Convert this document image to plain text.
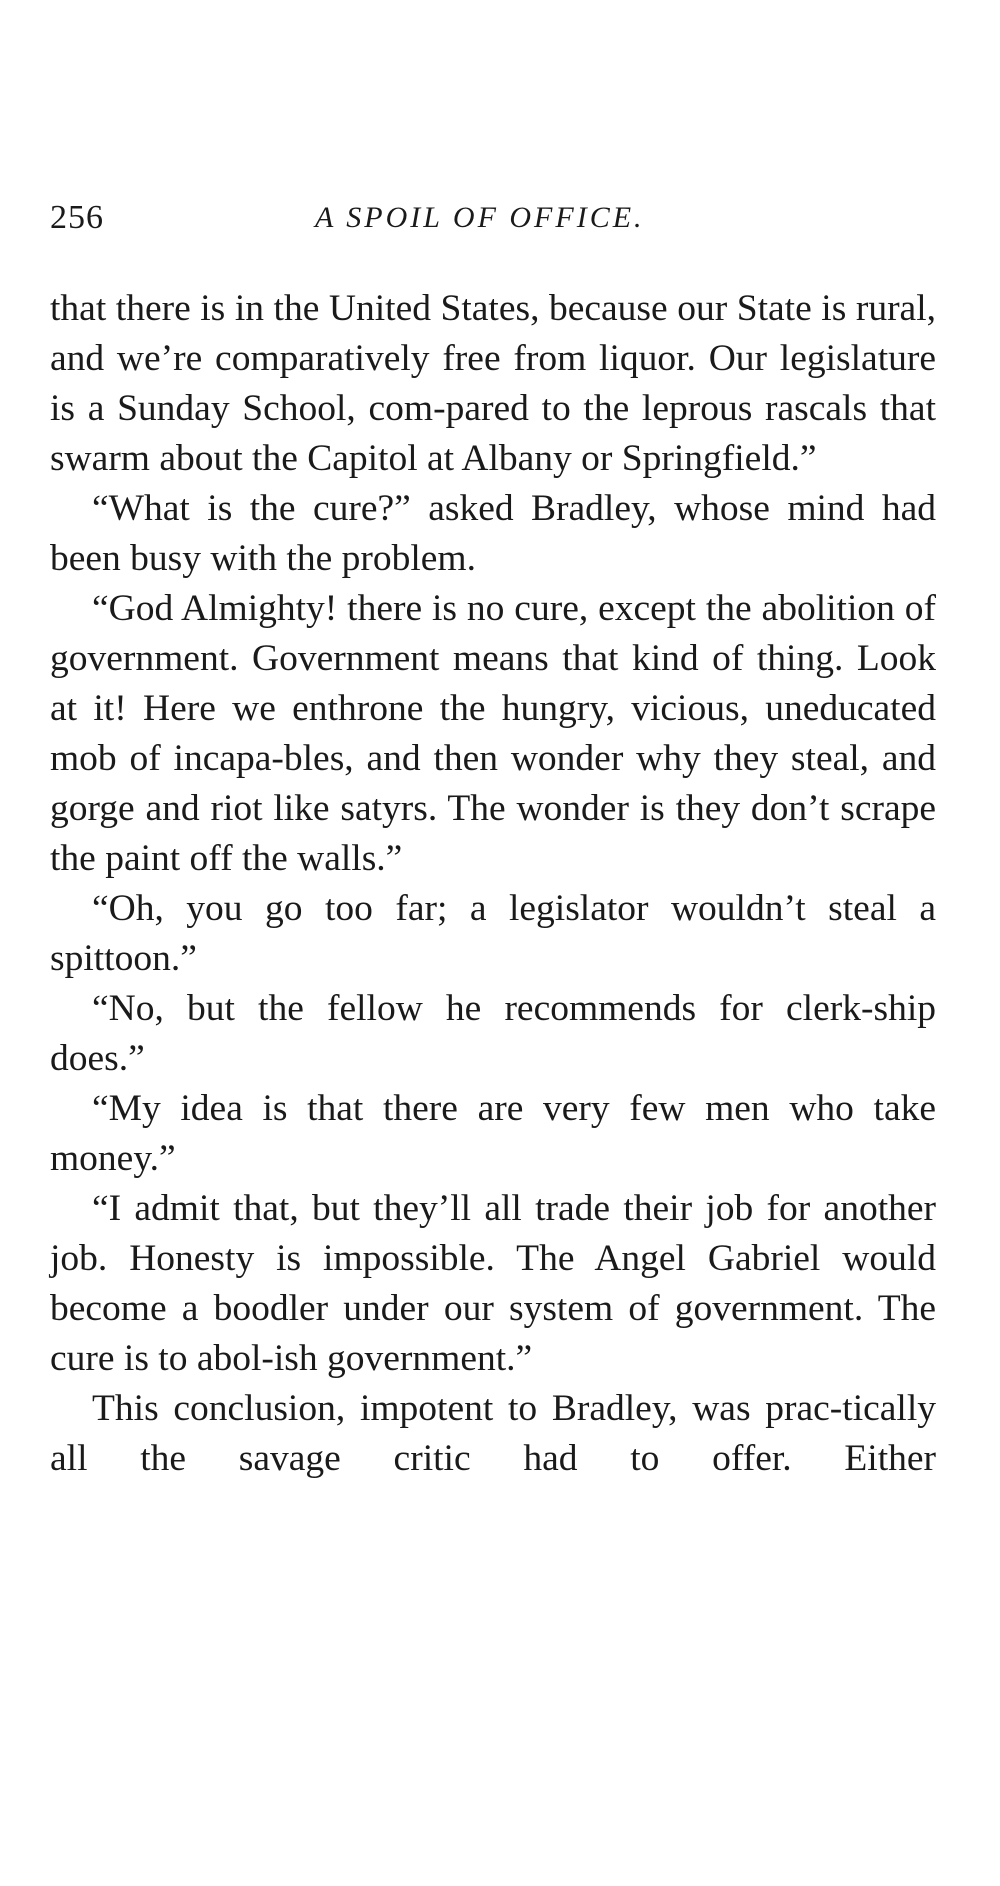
256	A SPOIL OF OFFICE.

that there is in the United States, because our State is rural, and we’re comparatively free from liquor. Our legislature is a Sunday School, com-pared to the leprous rascals that swarm about the Capitol at Albany or Springfield.”

“What is the cure?” asked Bradley, whose mind had been busy with the problem.

“God Almighty! there is no cure, except the abolition of government. Government means that kind of thing. Look at it! Here we enthrone the hungry, vicious, uneducated mob of incapa-bles, and then wonder why they steal, and gorge and riot like satyrs. The wonder is they don’t scrape the paint off the walls.”

“Oh, you go too far; a legislator wouldn’t steal a spittoon.”

“No, but the fellow he recommends for clerk-ship does.”

“My idea is that there are very few men who take money.”

“I admit that, but they’ll all trade their job for another job. Honesty is impossible. The Angel Gabriel would become a boodler under our system of government. The cure is to abol-ish government.”

This conclusion, impotent to Bradley, was prac-tically all the savage critic had to offer. Either
